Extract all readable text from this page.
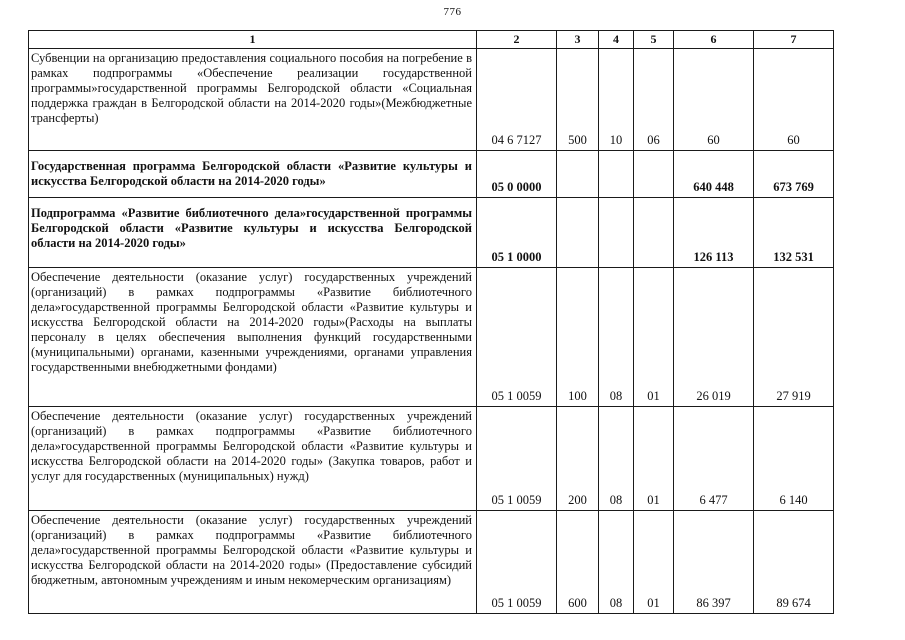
776
1	2	3	4	5	6	7
Субвенции на организацию предоставления социального пособия на погребение в рамках подпрограммы «Обеспечение реализации государственной программы»государственной программы Белгородской области «Социальная поддержка граждан в Белгородской области на 2014-2020 годы»(Межбюджетные трансферты)	04 6 7127	500	10	06	60	60
Государственная программа Белгородской области «Развитие культуры и искусства Белгородской области на 2014-2020 годы»	05 0 0000				640 448	673 769
Подпрограмма «Развитие библиотечного дела»государственной программы Белгородской области «Развитие культуры и искусства Белгородской области на 2014-2020 годы»	05 1 0000				126 113	132 531
Обеспечение деятельности (оказание услуг) государственных учреждений (организаций) в рамках подпрограммы «Развитие библиотечного дела»государственной программы Белгородской области «Развитие культуры и искусства Белгородской области на 2014-2020 годы»(Расходы на выплаты персоналу в целях обеспечения выполнения функций государственными (муниципальными) органами, казенными учреждениями, органами управления государственными внебюджетными фондами)	05 1 0059	100	08	01	26 019	27 919
Обеспечение деятельности (оказание услуг) государственных учреждений (организаций) в рамках подпрограммы «Развитие библиотечного дела»государственной программы Белгородской области «Развитие культуры и искусства Белгородской области на 2014-2020 годы» (Закупка товаров, работ и услуг для государственных (муниципальных) нужд)	05 1 0059	200	08	01	6 477	6 140
Обеспечение деятельности (оказание услуг) государственных учреждений (организаций) в рамках подпрограммы «Развитие библиотечного дела»государственной программы Белгородской области «Развитие культуры и искусства Белгородской области на 2014-2020 годы» (Предоставление субсидий бюджетным, автономным учреждениям и иным некомерческим организациям)	05 1 0059	600	08	01	86 397	89 674
